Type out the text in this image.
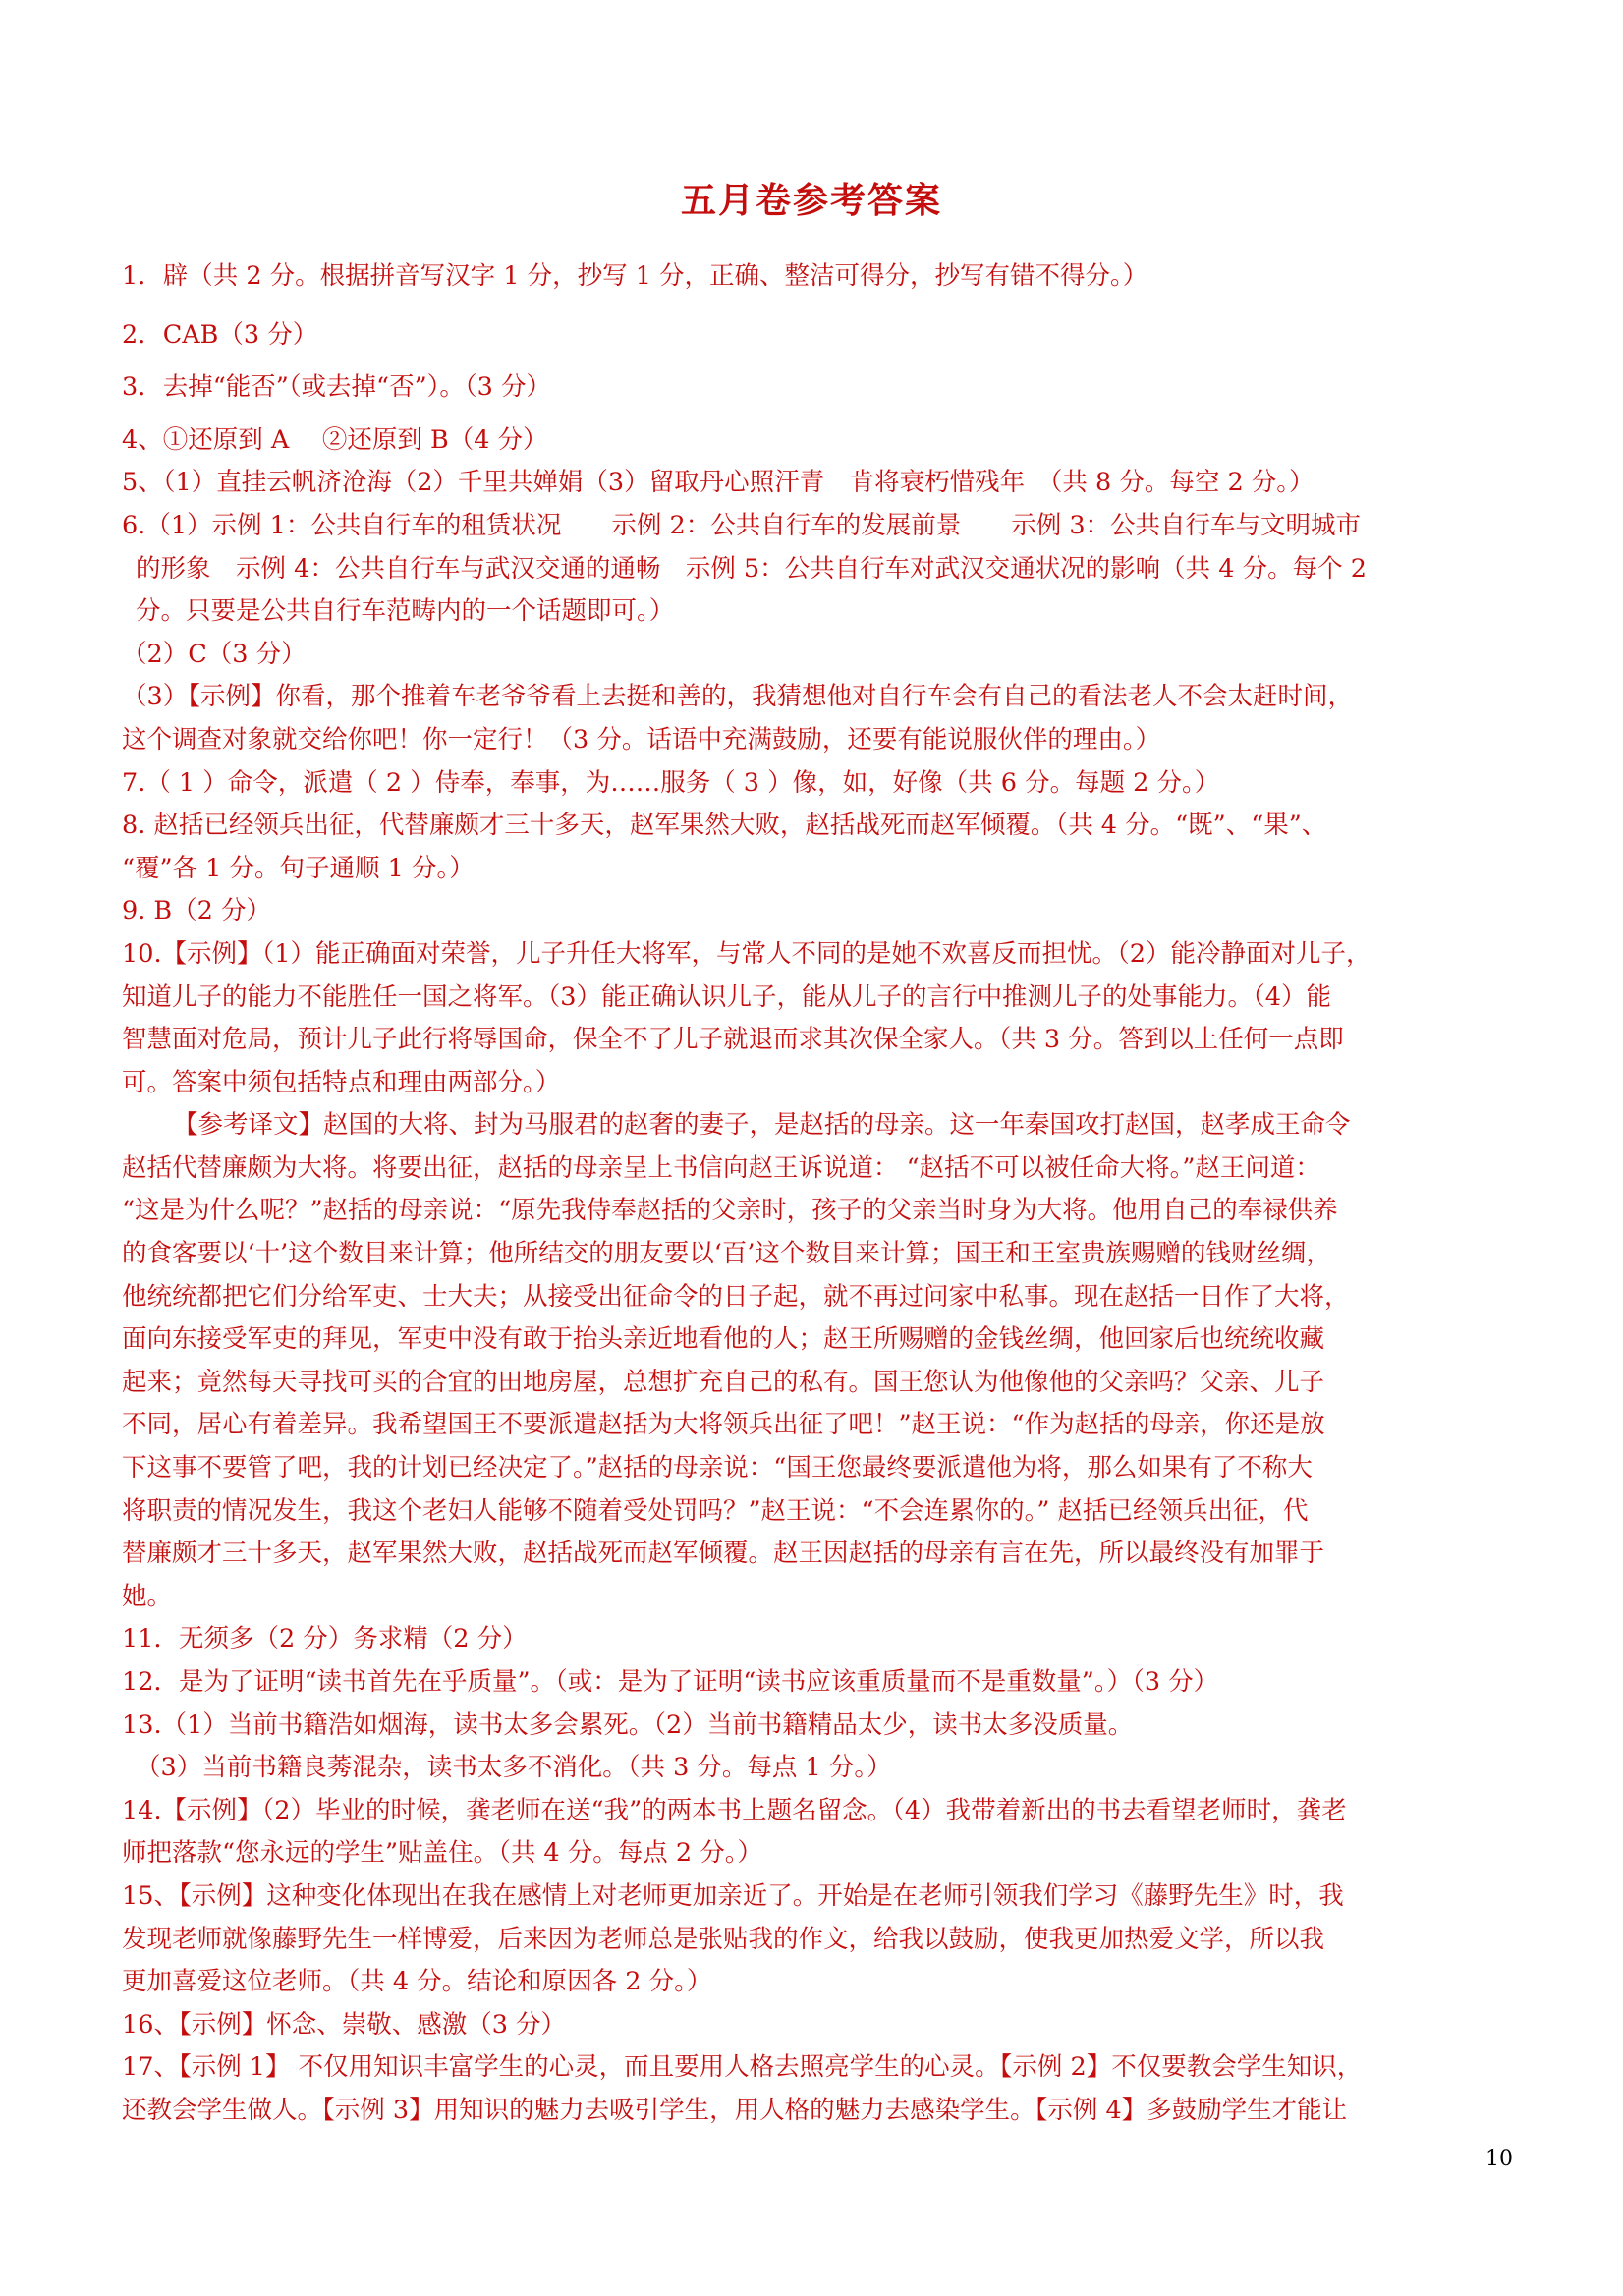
五月卷参考答案

1．辟（共 2 分。根据拼音写汉字 1 分，抄写 1 分，正确、整洁可得分，抄写有错不得分。）

2．CAB（3 分）

3．去掉“能否”（或去掉“否”）。（3 分）

4、①还原到 A　 ②还原到 B（4 分）

5、（1）直挂云帆济沧海（2）千里共婵娟（3）留取丹心照汗青　肯将衰朽惜残年　（共 8 分。每空 2 分。）

6.（1）示例 1：公共自行车的租赁状况　　示例 2：公共自行车的发展前景　　示例 3：公共自行车与文明城市

的形象　示例 4：公共自行车与武汉交通的通畅　示例 5：公共自行车对武汉交通状况的影响（共 4 分。每个 2

分。只要是公共自行车范畴内的一个话题即可。）

（2）C（3 分）

（3）【示例】你看，那个推着车老爷爷看上去挺和善的，我猜想他对自行车会有自己的看法老人不会太赶时间，

这个调查对象就交给你吧！你一定行！（3 分。话语中充满鼓励，还要有能说服伙伴的理由。）

7.（ 1 ）命令，派遣（ 2 ）侍奉，奉事，为……服务（ 3 ）像，如，好像（共 6 分。每题 2 分。）

8. 赵括已经领兵出征，代替廉颇才三十多天，赵军果然大败，赵括战死而赵军倾覆。（共 4 分。“既”、“果”、

“覆”各 1 分。句子通顺 1 分。）

9. B（2 分）

10.【示例】（1）能正确面对荣誉，儿子升任大将军，与常人不同的是她不欢喜反而担忧。（2）能冷静面对儿子，

知道儿子的能力不能胜任一国之将军。（3）能正确认识儿子，能从儿子的言行中推测儿子的处事能力。（4）能

智慧面对危局，预计儿子此行将辱国命，保全不了儿子就退而求其次保全家人。（共 3 分。答到以上任何一点即

可。答案中须包括特点和理由两部分。）

【参考译文】赵国的大将、封为马服君的赵奢的妻子，是赵括的母亲。这一年秦国攻打赵国，赵孝成王命令

赵括代替廉颇为大将。将要出征，赵括的母亲呈上书信向赵王诉说道： “赵括不可以被任命大将。”赵王问道：

“这是为什么呢？”赵括的母亲说：“原先我侍奉赵括的父亲时，孩子的父亲当时身为大将。他用自己的奉禄供养

的食客要以‘十’这个数目来计算；他所结交的朋友要以‘百’这个数目来计算；国王和王室贵族赐赠的钱财丝绸，

他统统都把它们分给军吏、士大夫；从接受出征命令的日子起，就不再过问家中私事。现在赵括一日作了大将，

面向东接受军吏的拜见，军吏中没有敢于抬头亲近地看他的人；赵王所赐赠的金钱丝绸，他回家后也统统收藏

起来；竟然每天寻找可买的合宜的田地房屋，总想扩充自己的私有。国王您认为他像他的父亲吗？父亲、儿子

不同，居心有着差异。我希望国王不要派遣赵括为大将领兵出征了吧！”赵王说：“作为赵括的母亲，你还是放

下这事不要管了吧，我的计划已经决定了。”赵括的母亲说：“国王您最终要派遣他为将，那么如果有了不称大

将职责的情况发生，我这个老妇人能够不随着受处罚吗？”赵王说：“不会连累你的。” 赵括已经领兵出征，代

替廉颇才三十多天，赵军果然大败，赵括战死而赵军倾覆。赵王因赵括的母亲有言在先，所以最终没有加罪于

她。

11．无须多（2 分）务求精（2 分）

12．是为了证明“读书首先在乎质量”。（或：是为了证明“读书应该重质量而不是重数量”。）（3 分）

13.（1）当前书籍浩如烟海，读书太多会累死。（2）当前书籍精品太少，读书太多没质量。

（3）当前书籍良莠混杂，读书太多不消化。（共 3 分。每点 1 分。）

14.【示例】（2）毕业的时候，龚老师在送“我”的两本书上题名留念。（4）我带着新出的书去看望老师时，龚老

师把落款“您永远的学生”贴盖住。（共 4 分。每点 2 分。）

15、【示例】这种变化体现出在我在感情上对老师更加亲近了。开始是在老师引领我们学习《藤野先生》时，我

发现老师就像藤野先生一样博爱，后来因为老师总是张贴我的作文，给我以鼓励，使我更加热爱文学，所以我

更加喜爱这位老师。（共 4 分。结论和原因各 2 分。）

16、【示例】怀念、崇敬、感激（3 分）

17、【示例 1】 不仅用知识丰富学生的心灵，而且要用人格去照亮学生的心灵。【示例 2】不仅要教会学生知识，

还教会学生做人。【示例 3】用知识的魅力去吸引学生，用人格的魅力去感染学生。【示例 4】多鼓励学生才能让

10
